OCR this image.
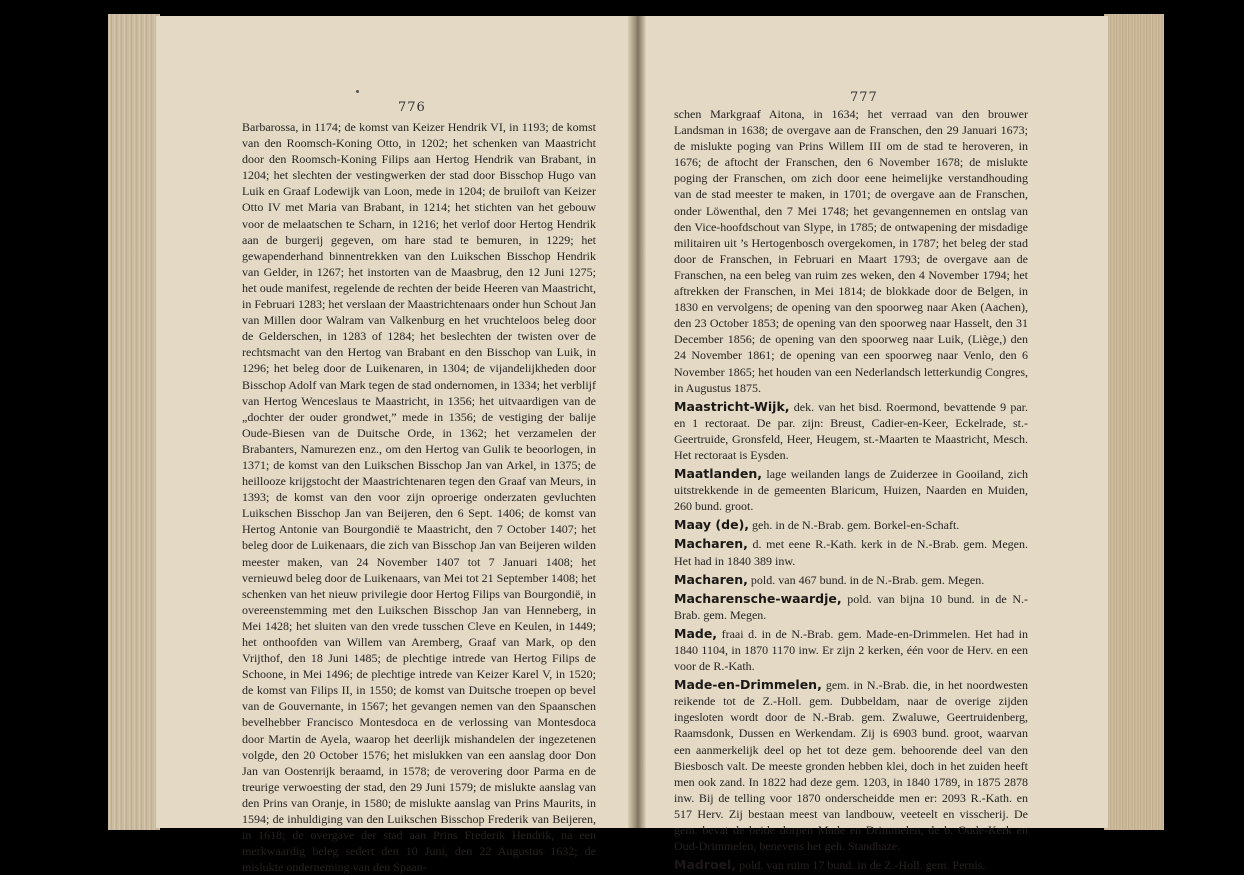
776
777

Barbarossa, in 1174; de komst van Keizer Hendrik VI, in 1193; de komst van den Roomsch-Koning Otto, in 1202; het schenken van Maastricht door den Roomsch-Koning Filips aan Hertog Hendrik van Brabant, in 1204; het slechten der vestingwerken der stad door Bisschop Hugo van Luik en Graaf Lodewijk van Loon, mede in 1204; de bruiloft van Keizer Otto IV met Maria van Brabant, in 1214; het stichten van het gebouw voor de melaatschen te Scharn, in 1216; het verlof door Hertog Hendrik aan de burgerij gegeven, om hare stad te bemuren, in 1229; het gewapenderhand binnentrekken van den Luikschen Bisschop Hendrik van Gelder, in 1267; het instorten van de Maasbrug, den 12 Juni 1275; het oude manifest, regelende de rechten der beide Heeren van Maastricht, in Februari 1283; het verslaan der Maastrichtenaars onder hun Schout Jan van Millen door Walram van Valkenburg en het vruchteloos beleg door de Gelderschen, in 1283 of 1284; het beslechten der twisten over de rechtsmacht van den Hertog van Brabant en den Bisschop van Luik, in 1296; het beleg door de Luikenaren, in 1304; de vijandelijkheden door Bisschop Adolf van Mark tegen de stad ondernomen, in 1334; het verblijf van Hertog Wenceslaus te Maastricht, in 1356; het uitvaardigen van de „dochter der ouder grondwet,” mede in 1356; de vestiging der balije Oude-Biesen van de Duitsche Orde, in 1362; het verzamelen der Brabanters, Namurezen enz., om den Hertog van Gulik te beoorlogen, in 1371; de komst van den Luikschen Bisschop Jan van Arkel, in 1375; de heillooze krijgstocht der Maastrichtenaren tegen den Graaf van Meurs, in 1393; de komst van den voor zijn oproerige onderzaten gevluchten Luikschen Bisschop Jan van Beijeren, den 6 Sept. 1406; de komst van Hertog Antonie van Bourgondië te Maastricht, den 7 October 1407; het beleg door de Luikenaars, die zich van Bisschop Jan van Beijeren wilden meester maken, van 24 November 1407 tot 7 Januari 1408; het vernieuwd beleg door de Luikenaars, van Mei tot 21 September 1408; het schenken van het nieuw privilegie door Hertog Filips van Bourgondië, in overeenstemming met den Luikschen Bisschop Jan van Henneberg, in Mei 1428; het sluiten van den vrede tusschen Cleve en Keulen, in 1449; het onthoofden van Willem van Aremberg, Graaf van Mark, op den Vrijthof, den 18 Juni 1485; de plechtige intrede van Hertog Filips de Schoone, in Mei 1496; de plechtige intrede van Keizer Karel V, in 1520; de komst van Filips II, in 1550; de komst van Duitsche troepen op bevel van de Gouvernante, in 1567; het gevangen nemen van den Spaanschen bevelhebber Francisco Montesdoca en de verlossing van Montesdoca door Martin de Ayela, waarop het deerlijk mishandelen der ingezetenen volgde, den 20 October 1576; het mislukken van een aanslag door Don Jan van Oostenrijk beraamd, in 1578; de verovering door Parma en de treurige verwoesting der stad, den 29 Juni 1579; de mislukte aanslag van den Prins van Oranje, in 1580; de mislukte aanslag van Prins Maurits, in 1594; de inhuldiging van den Luikschen Bisschop Frederik van Beijeren, in 1618; de overgave der stad aan Prins Frederik Hendrik, na een merkwaardig beleg sedert den 10 Juni, den 22 Augustus 1632; de mislukte onderneming van den Spaan-

schen Markgraaf Aitona, in 1634; het verraad van den brouwer Landsman in 1638; de overgave aan de Franschen, den 29 Januari 1673; de mislukte poging van Prins Willem III om de stad te heroveren, in 1676; de aftocht der Franschen, den 6 November 1678; de mislukte poging der Franschen, om zich door eene heimelijke verstandhouding van de stad meester te maken, in 1701; de overgave aan de Franschen, onder Löwenthal, den 7 Mei 1748; het gevangennemen en ontslag van den Vice-hoofdschout van Slype, in 1785; de ontwapening der misdadige militairen uit ’s Hertogenbosch overgekomen, in 1787; het beleg der stad door de Franschen, in Februari en Maart 1793; de overgave aan de Franschen, na een beleg van ruim zes weken, den 4 November 1794; het aftrekken der Franschen, in Mei 1814; de blokkade door de Belgen, in 1830 en vervolgens; de opening van den spoorweg naar Aken (Aachen), den 23 October 1853; de opening van den spoorweg naar Hasselt, den 31 December 1856; de opening van den spoorweg naar Luik, (Liège,) den 24 November 1861; de opening van een spoorweg naar Venlo, den 6 November 1865; het houden van een Nederlandsch letterkundig Congres, in Augustus 1875.

Maastricht-Wijk, dek. van het bisd. Roermond, bevattende 9 par. en 1 rectoraat. De par. zijn: Breust, Cadier-en-Keer, Eckelrade, st.-Geertruide, Gronsfeld, Heer, Heugem, st.-Maarten te Maastricht, Mesch. Het rectoraat is Eysden.

Maatlanden, lage weilanden langs de Zuiderzee in Gooiland, zich uitstrekkende in de gemeenten Blaricum, Huizen, Naarden en Muiden, 260 bund. groot.

Maay (de), geh. in de N.-Brab. gem. Borkel-en-Schaft.

Macharen, d. met eene R.-Kath. kerk in de N.-Brab. gem. Megen. Het had in 1840 389 inw.

Macharen, pold. van 467 bund. in de N.-Brab. gem. Megen.

Macharensche-waardje, pold. van bijna 10 bund. in de N.-Brab. gem. Megen.

Made, fraai d. in de N.-Brab. gem. Made-en-Drimmelen. Het had in 1840 1104, in 1870 1170 inw. Er zijn 2 kerken, één voor de Herv. en een voor de R.-Kath.

Made-en-Drimmelen, gem. in N.-Brab. die, in het noordwesten reikende tot de Z.-Holl. gem. Dubbeldam, naar de overige zijden ingesloten wordt door de N.-Brab. gem. Zwaluwe, Geertruidenberg, Raamsdonk, Dussen en Werkendam. Zij is 6903 bund. groot, waarvan een aanmerkelijk deel op het tot deze gem. behoorende deel van den Biesbosch valt. De meeste gronden hebben klei, doch in het zuiden heeft men ook zand. In 1822 had deze gem. 1203, in 1840 1789, in 1875 2878 inw. Bij de telling voor 1870 onderscheidde men er: 2093 R.-Kath. en 517 Herv. Zij bestaan meest van landbouw, veeteelt en visscherij. De gem. bevat de beide dorpen Made en Drimmelen, de b. Oude-Kerk en Oud-Drimmelen, benevens het geh. Standhaze.

Madroel, pold. van ruim 17 bund. in de Z.-Holl. gem. Pernis.
